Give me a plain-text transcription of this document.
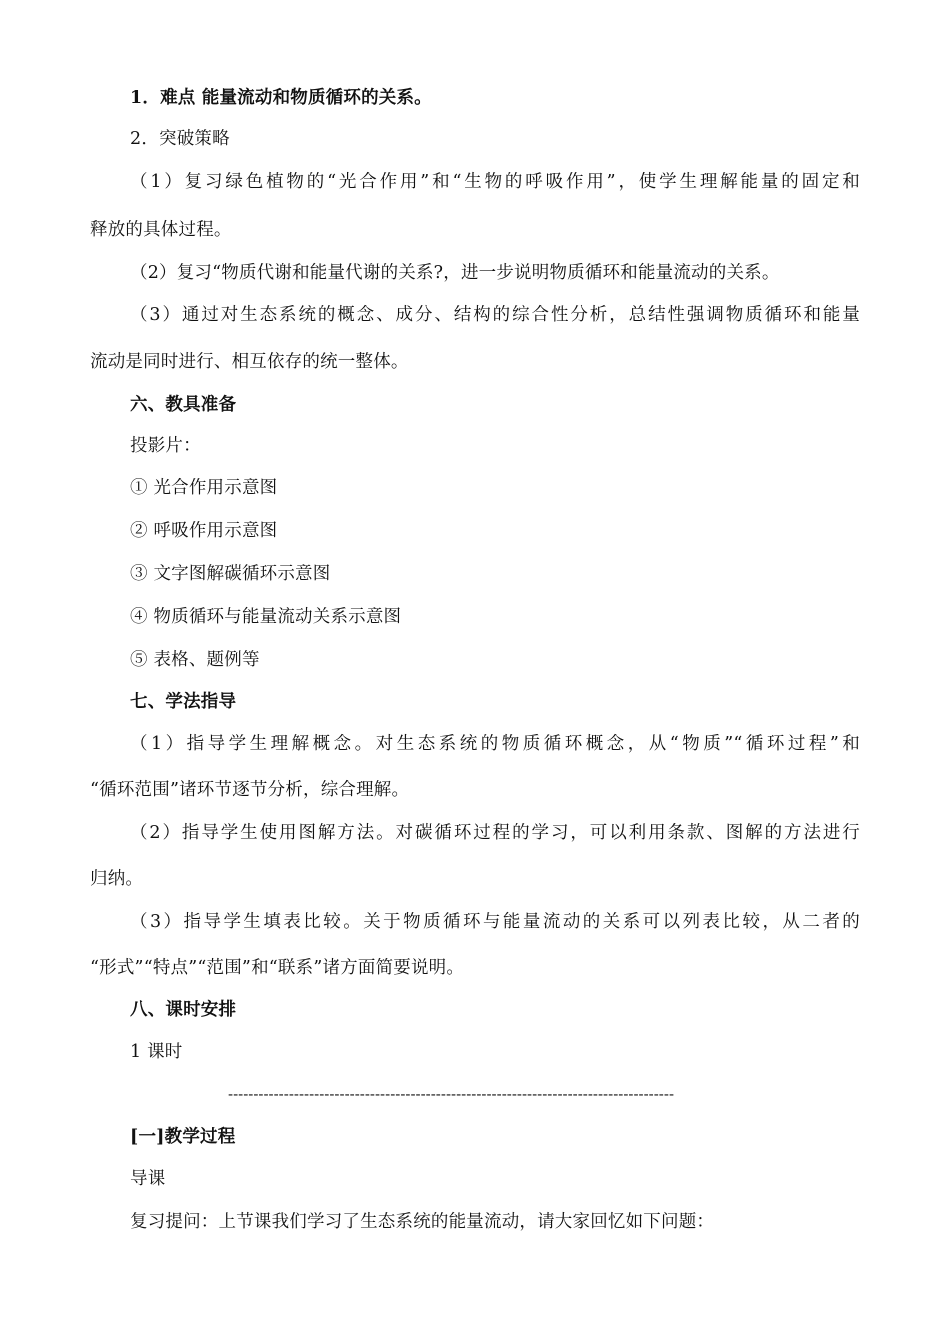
1．难点 能量流动和物质循环的关系。
2．突破策略
（1）复习绿色植物的“光合作用”和“生物的呼吸作用”，使学生理解能量的固定和
释放的具体过程。
（2）复习“物质代谢和能量代谢的关系?，进一步说明物质循环和能量流动的关系。
（3）通过对生态系统的概念、成分、结构的综合性分析，总结性强调物质循环和能量
流动是同时进行、相互依存的统一整体。
六、教具准备
投影片：
① 光合作用示意图
② 呼吸作用示意图
③ 文字图解碳循环示意图
④ 物质循环与能量流动关系示意图
⑤ 表格、题例等
七、学法指导
（1）指导学生理解概念。对生态系统的物质循环概念，从“物质”“循环过程”和
“循环范围”诸环节逐节分析，综合理解。
（2）指导学生使用图解方法。对碳循环过程的学习，可以利用条款、图解的方法进行
归纳。
（3）指导学生填表比较。关于物质循环与能量流动的关系可以列表比较，从二者的
“形式”“特点”“范围”和“联系”诸方面简要说明。
八、课时安排
1 课时
----------------------------------------------------------------------------------------
[一]教学过程
导课
复习提问：上节课我们学习了生态系统的能量流动，请大家回忆如下问题：
